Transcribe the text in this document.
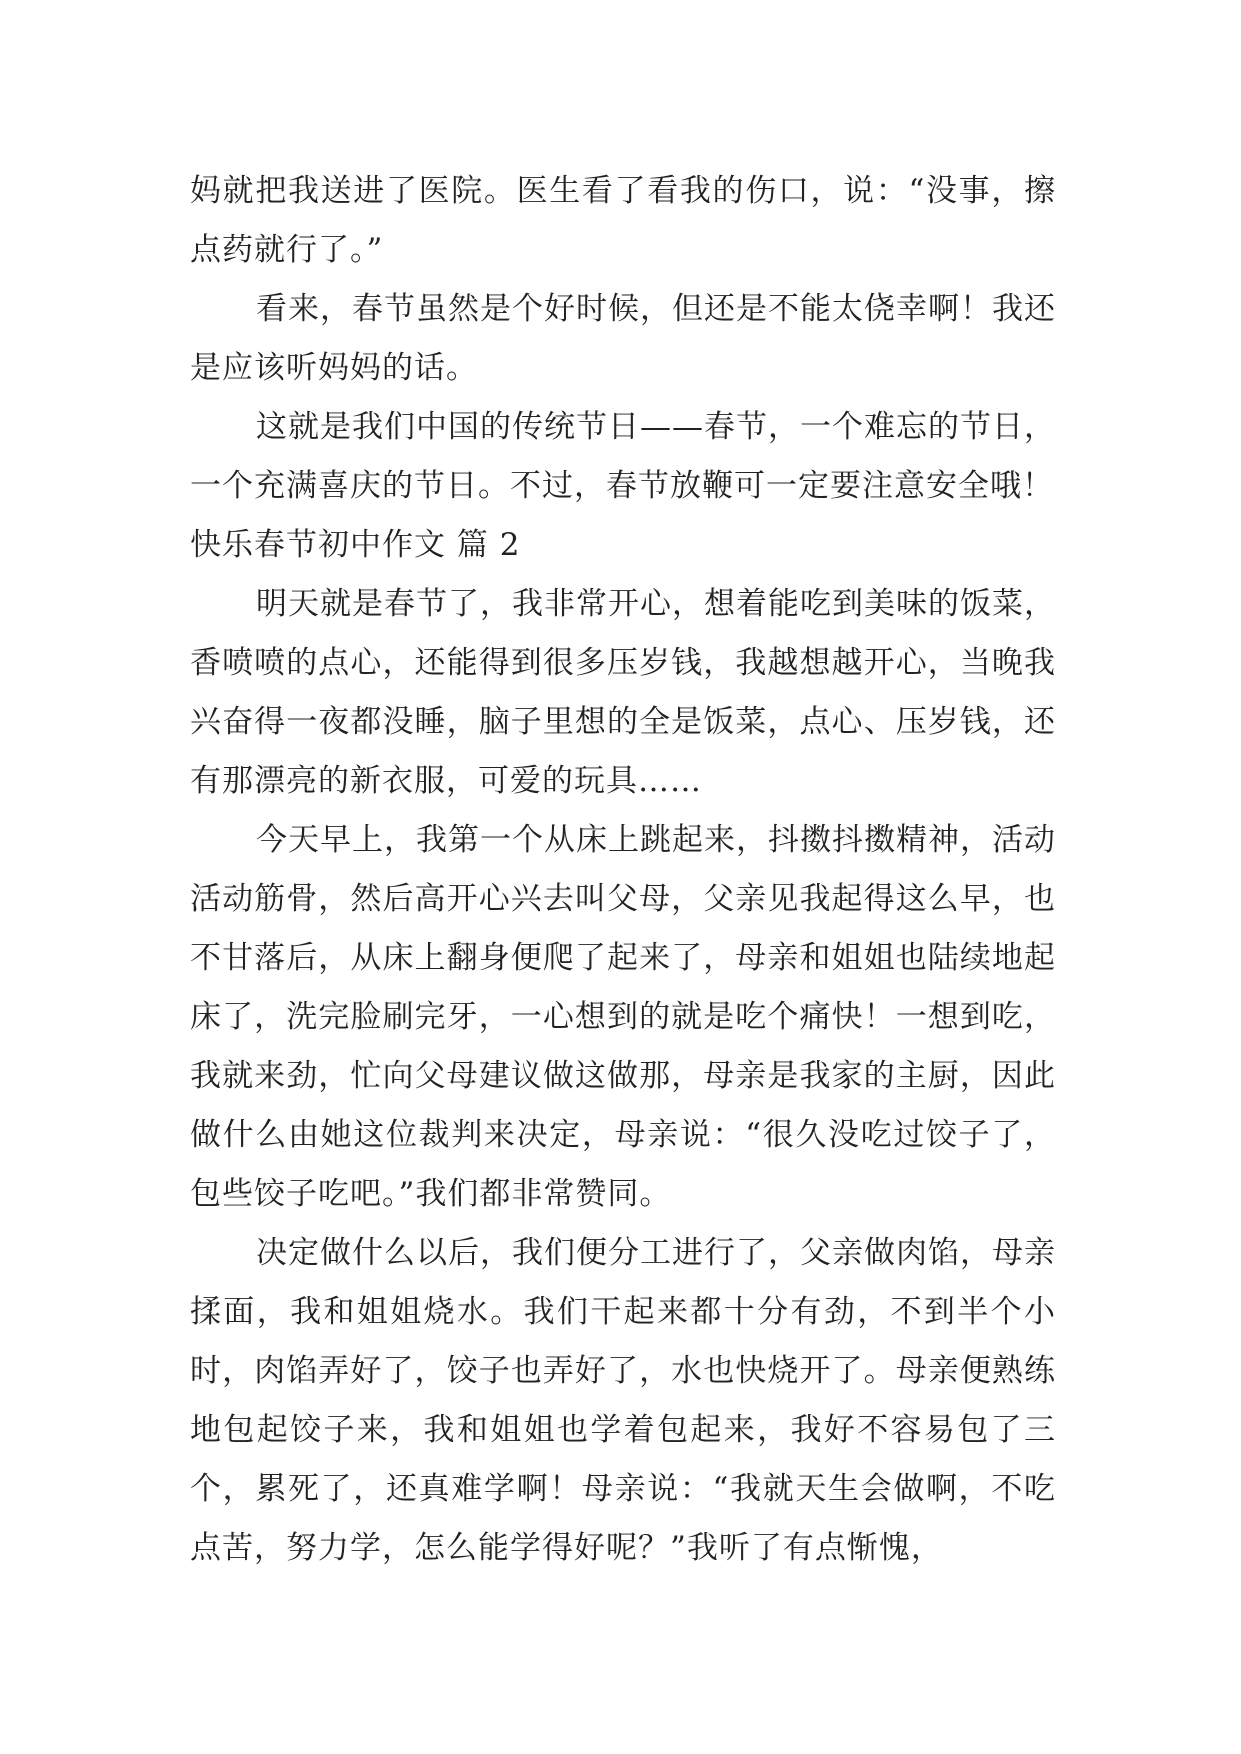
妈就把我送进了医院。医生看了看我的伤口，说：“没事，擦点药就行了。”

看来，春节虽然是个好时候，但还是不能太侥幸啊！我还是应该听妈妈的话。

这就是我们中国的传统节日——春节，一个难忘的节日，一个充满喜庆的节日。不过，春节放鞭可一定要注意安全哦！

快乐春节初中作文 篇 2

明天就是春节了，我非常开心，想着能吃到美味的饭菜，香喷喷的点心，还能得到很多压岁钱，我越想越开心，当晚我兴奋得一夜都没睡，脑子里想的全是饭菜，点心、压岁钱，还有那漂亮的新衣服，可爱的玩具……

今天早上，我第一个从床上跳起来，抖擞抖擞精神，活动活动筋骨，然后高开心兴去叫父母，父亲见我起得这么早，也不甘落后，从床上翻身便爬了起来了，母亲和姐姐也陆续地起床了，洗完脸刷完牙，一心想到的就是吃个痛快！一想到吃，我就来劲，忙向父母建议做这做那，母亲是我家的主厨，因此做什么由她这位裁判来决定，母亲说：“很久没吃过饺子了，包些饺子吃吧。”我们都非常赞同。

决定做什么以后，我们便分工进行了，父亲做肉馅，母亲揉面，我和姐姐烧水。我们干起来都十分有劲，不到半个小时，肉馅弄好了，饺子也弄好了，水也快烧开了。母亲便熟练地包起饺子来，我和姐姐也学着包起来，我好不容易包了三个，累死了，还真难学啊！母亲说：“我就天生会做啊，不吃点苦，努力学，怎么能学得好呢？”我听了有点惭愧，
